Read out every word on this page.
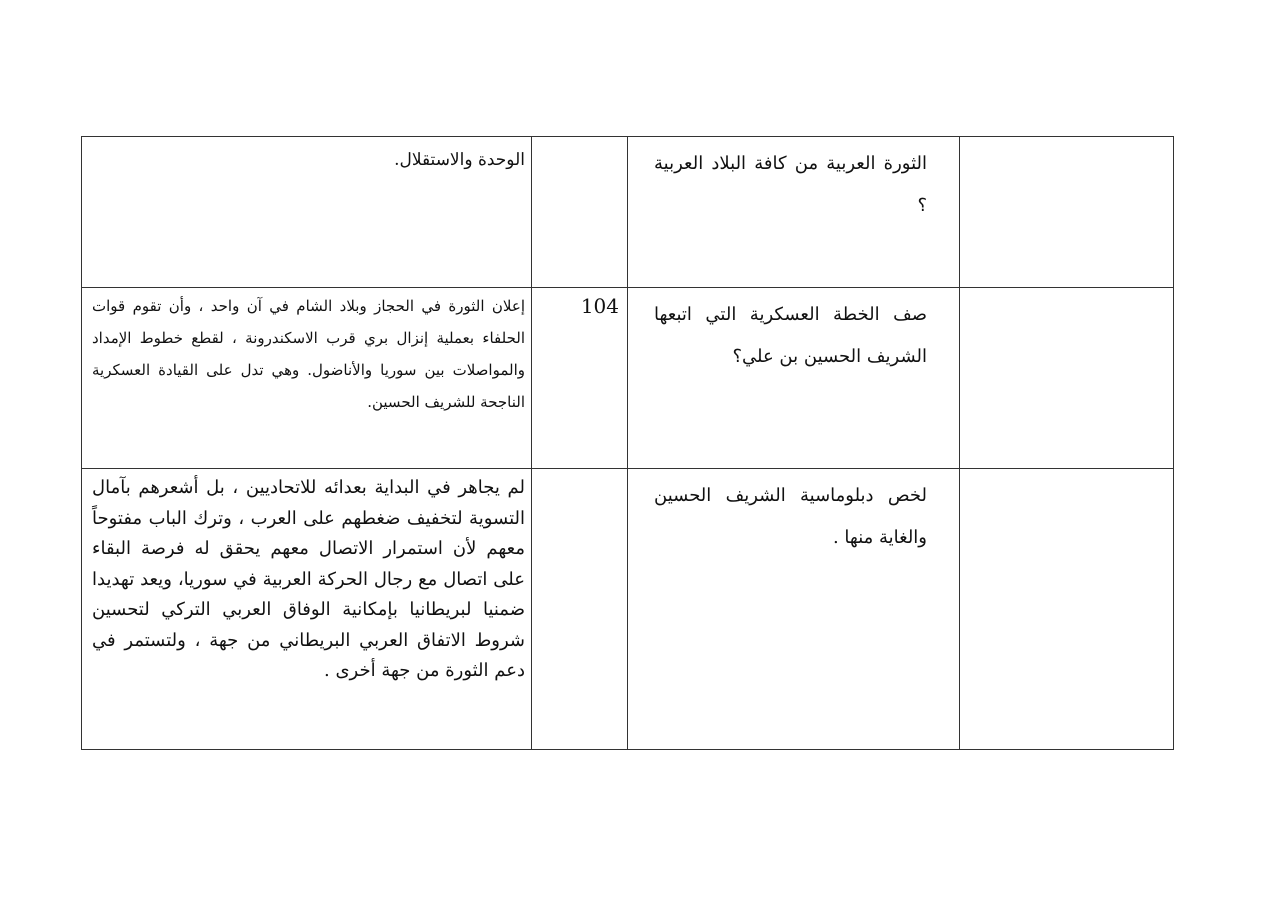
	الثورة العربية من كافة البلاد العربية ؟		الوحدة والاستقلال.

	صف الخطة العسكرية التي اتبعها الشريف الحسين بن علي؟	104	إعلان الثورة في الحجاز وبلاد الشام في آن واحد ، وأن تقوم قوات الحلفاء بعملية إنزال بري قرب الاسكندرونة ، لقطع خطوط الإمداد والمواصلات بين سوريا والأناضول. وهي تدل على القيادة العسكرية الناجحة للشريف الحسين.

	لخص دبلوماسية الشريف الحسين والغاية منها .		لم يجاهر في البداية بعدائه للاتحاديين ، بل أشعرهم بآمال التسوية لتخفيف ضغطهم على العرب ، وترك الباب مفتوحاً معهم لأن استمرار الاتصال معهم يحقق له فرصة البقاء على اتصال مع رجال الحركة العربية في سوريا، ويعد تهديدا ضمنيا لبريطانيا بإمكانية الوفاق العربي التركي لتحسين شروط الاتفاق العربي البريطاني من جهة ، ولتستمر في دعم الثورة من جهة أخرى .
